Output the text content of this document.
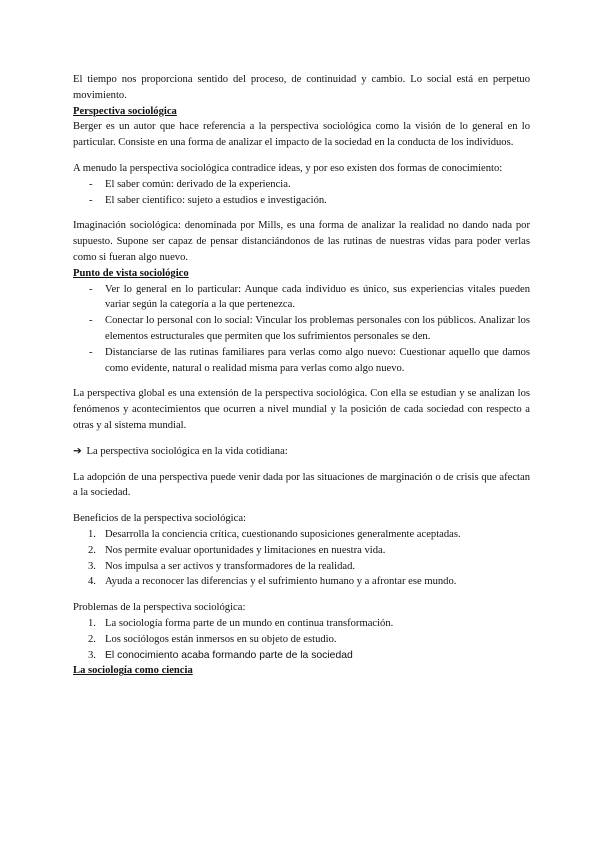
El tiempo nos proporciona sentido del proceso, de continuidad y cambio. Lo social está en perpetuo movimiento.

Perspectiva sociológica

Berger es un autor que hace referencia a la perspectiva sociológica como la visión de lo general en lo particular. Consiste en una forma de analizar el impacto de la sociedad en la conducta de los individuos.

A menudo la perspectiva sociológica contradice ideas, y por eso existen dos formas de conocimiento:

- El saber común: derivado de la experiencia.
- El saber científico: sujeto a estudios e investigación.

Imaginación sociológica: denominada por Mills, es una forma de analizar la realidad no dando nada por supuesto. Supone ser capaz de pensar distanciándonos de las rutinas de nuestras vidas para poder verlas como si fueran algo nuevo.

Punto de vista sociológico

- Ver lo general en lo particular: Aunque cada individuo es único, sus experiencias vitales pueden variar según la categoría a la que pertenezca.
- Conectar lo personal con lo social: Vincular los problemas personales con los públicos. Analizar los elementos estructurales que permiten que los sufrimientos personales se den.
- Distanciarse de las rutinas familiares para verlas como algo nuevo: Cuestionar aquello que damos como evidente, natural o realidad misma para verlas como algo nuevo.

La perspectiva global es una extensión de la perspectiva sociológica. Con ella se estudian y se analizan los fenómenos y acontecimientos que ocurren a nivel mundial y la posición de cada sociedad con respecto a otras y al sistema mundial.

➔ La perspectiva sociológica en la vida cotidiana:

La adopción de una perspectiva puede venir dada por las situaciones de marginación o de crisis que afectan a la sociedad.

Beneficios de la perspectiva sociológica:

1. Desarrolla la conciencia crítica, cuestionando suposiciones generalmente aceptadas.
2. Nos permite evaluar oportunidades y limitaciones en nuestra vida.
3. Nos impulsa a ser activos y transformadores de la realidad.
4. Ayuda a reconocer las diferencias y el sufrimiento humano y a afrontar ese mundo.

Problemas de la perspectiva sociológica:

1. La sociología forma parte de un mundo en continua transformación.
2. Los sociólogos están inmersos en su objeto de estudio.
3. El conocimiento acaba formando parte de la sociedad

La sociología como ciencia
